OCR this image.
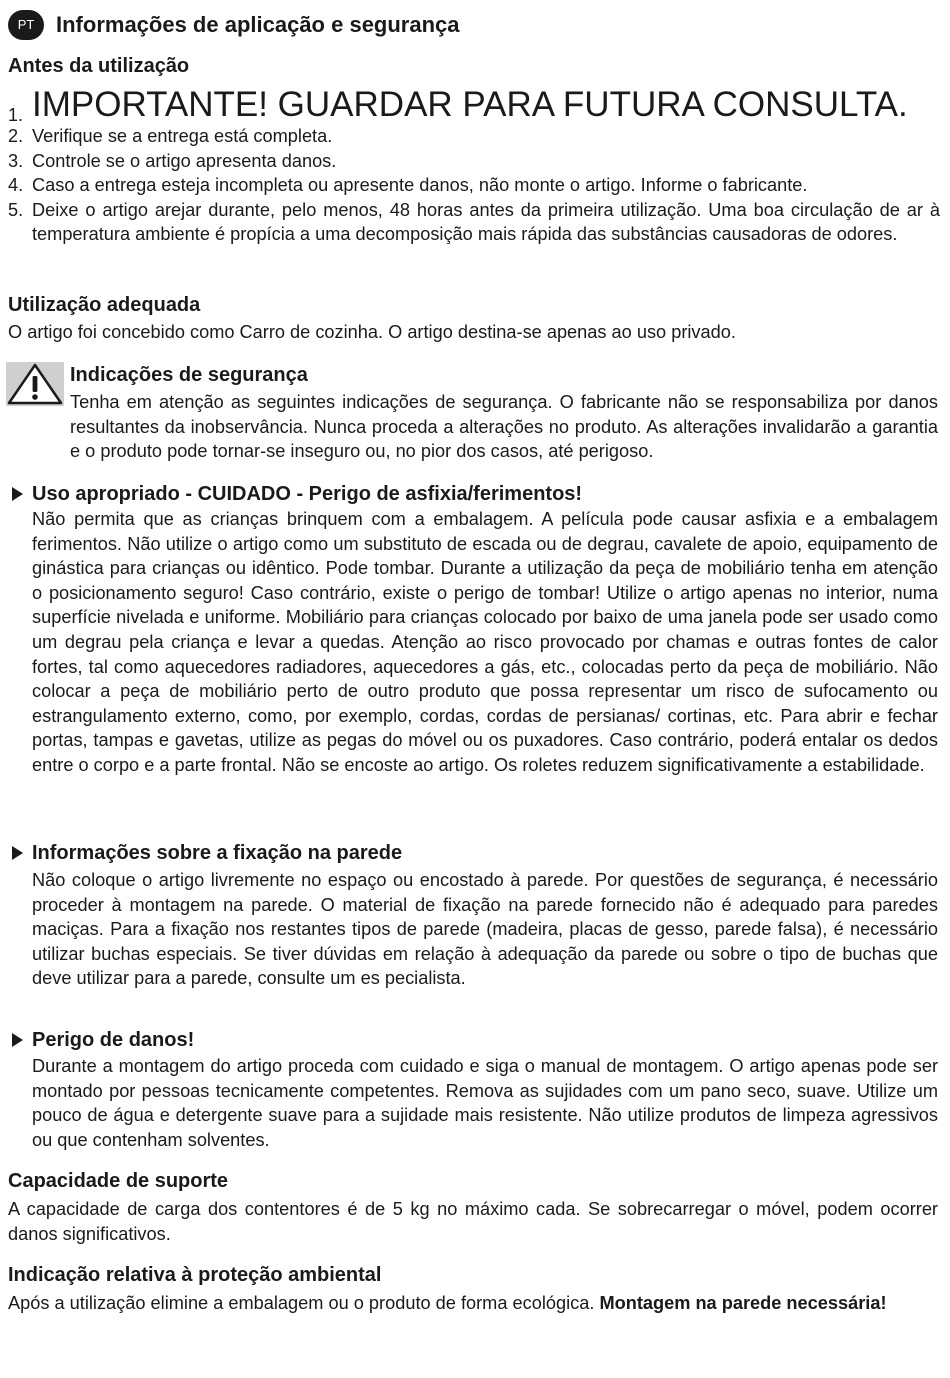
PT Informações de aplicação e segurança
Antes da utilização
1. IMPORTANTE! GUARDAR PARA FUTURA CONSULTA.
2. Verifique se a entrega está completa.
3. Controle se o artigo apresenta danos.
4. Caso a entrega esteja incompleta ou apresente danos, não monte o artigo. Informe o fabricante.
5. Deixe o artigo arejar durante, pelo menos, 48 horas antes da primeira utilização. Uma boa circulação de ar à temperatura ambiente é propícia a uma decomposição mais rápida das substâncias causadoras de odores.
Utilização adequada
O artigo foi concebido como Carro de cozinha. O artigo destina-se apenas ao uso privado.
Indicações de segurança
Tenha em atenção as seguintes indicações de segurança. O fabricante não se responsabiliza por danos resultantes da inobservância. Nunca proceda a alterações no produto. As alterações invalidarão a garantia e o produto pode tornar-se inseguro ou, no pior dos casos, até perigoso.
Uso apropriado - CUIDADO - Perigo de asfixia/ferimentos!
Não permita que as crianças brinquem com a embalagem. A película pode causar asfixia e a embalagem ferimentos. Não utilize o artigo como um substituto de escada ou de degrau, cavalete de apoio, equipamento de ginástica para crianças ou idêntico. Pode tombar. Durante a utilização da peça de mobiliário tenha em atenção o posicionamento seguro! Caso contrário, existe o perigo de tombar! Utilize o artigo apenas no interior, numa superfície nivelada e uniforme. Mobiliário para crianças colocado por baixo de uma janela pode ser usado como um degrau pela criança e levar a quedas. Atenção ao risco provocado por chamas e outras fontes de calor fortes, tal como aquecedores radiadores, aquecedores a gás, etc., colocadas perto da peça de mobiliário. Não colocar a peça de mobiliário perto de outro produto que possa representar um risco de sufocamento ou estrangulamento externo, como, por exemplo, cordas, cordas de persianas/ cortinas, etc. Para abrir e fechar portas, tampas e gavetas, utilize as pegas do móvel ou os puxadores. Caso contrário, poderá entalar os dedos entre o corpo e a parte frontal. Não se encoste ao artigo. Os roletes reduzem significativamente a estabilidade.
Informações sobre a fixação na parede
Não coloque o artigo livremente no espaço ou encostado à parede. Por questões de segurança, é necessário proceder à montagem na parede. O material de fixação na parede fornecido não é adequado para paredes maciças. Para a fixação nos restantes tipos de parede (madeira, placas de gesso, parede falsa), é necessário utilizar buchas especiais. Se tiver dúvidas em relação à adequação da parede ou sobre o tipo de buchas que deve utilizar para a parede, consulte um es pecialista.
Perigo de danos!
Durante a montagem do artigo proceda com cuidado e siga o manual de montagem. O artigo apenas pode ser montado por pessoas tecnicamente competentes. Remova as sujidades com um pano seco, suave. Utilize um pouco de água e detergente suave para a sujidade mais resistente. Não utilize produtos de limpeza agressivos ou que contenham solventes.
Capacidade de suporte
A capacidade de carga dos contentores é de 5 kg no máximo cada. Se sobrecarregar o móvel, podem ocorrer danos significativos.
Indicação relativa à proteção ambiental
Após a utilização elimine a embalagem ou o produto de forma ecológica. Montagem na parede necessária!
